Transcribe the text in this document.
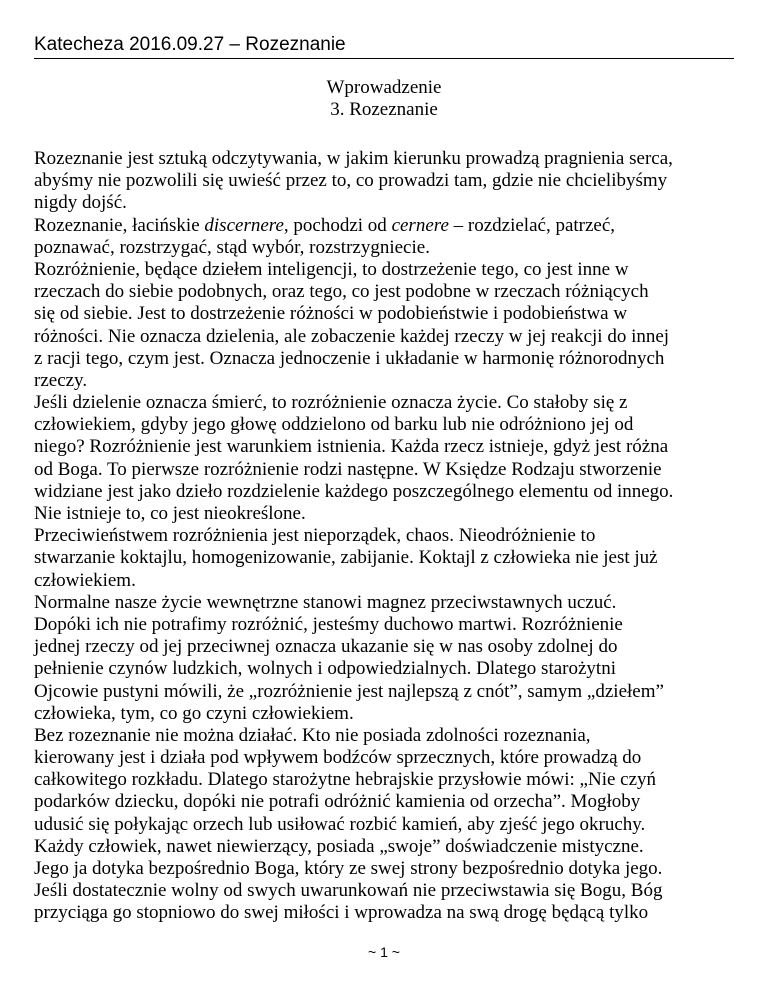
Katecheza 2016.09.27 – Rozeznanie
Wprowadzenie
3. Rozeznanie
Rozeznanie jest sztuką odczytywania, w jakim kierunku prowadzą pragnienia serca,
abyśmy nie pozwolili się uwieść przez to, co prowadzi tam, gdzie nie chcielibyśmy
nigdy dojść.
Rozeznanie, łacińskie discernere, pochodzi od cernere – rozdzielać, patrzeć,
poznawać, rozstrzygać, stąd wybór, rozstrzygniecie.
Rozróżnienie, będące dziełem inteligencji, to dostrzeżenie tego, co jest inne w
rzeczach do siebie podobnych, oraz tego, co jest podobne w rzeczach różniących
się od siebie. Jest to dostrzeżenie różności w podobieństwie i podobieństwa w
różności. Nie oznacza dzielenia, ale zobaczenie każdej rzeczy w jej reakcji do innej
z racji tego, czym jest. Oznacza jednoczenie i układanie w harmonię różnorodnych
rzeczy.
Jeśli dzielenie oznacza śmierć, to rozróżnienie oznacza życie. Co stałoby się z
człowiekiem, gdyby jego głowę oddzielono od barku lub nie odróżniono jej od
niego? Rozróżnienie jest warunkiem istnienia. Każda rzecz istnieje, gdyż jest różna
od Boga. To pierwsze rozróżnienie rodzi następne. W Księdze Rodzaju stworzenie
widziane jest jako dzieło rozdzielenie każdego poszczególnego elementu od innego.
Nie istnieje to, co jest nieokreślone.
Przeciwieństwem rozróżnienia jest nieporządek, chaos. Nieodróżnienie to
stwarzanie koktajlu, homogenizowanie, zabijanie. Koktajl z człowieka nie jest już
człowiekiem.
Normalne nasze życie wewnętrzne stanowi magnez przeciwstawnych uczuć.
Dopóki ich nie potrafimy rozróżnić, jesteśmy duchowo martwi. Rozróżnienie
jednej rzeczy od jej przeciwnej oznacza ukazanie się w nas osoby zdolnej do
pełnienie czynów ludzkich, wolnych i odpowiedzialnych. Dlatego starożytni
Ojcowie pustyni mówili, że „rozróżnienie jest najlepszą z cnót”, samym „dziełem”
człowieka, tym, co go czyni człowiekiem.
Bez rozeznanie nie można działać. Kto nie posiada zdolności rozeznania,
kierowany jest i działa pod wpływem bodźców sprzecznych, które prowadzą do
całkowitego rozkładu. Dlatego starożytne hebrajskie przysłowie mówi: „Nie czyń
podarków dziecku, dopóki nie potrafi odróżnić kamienia od orzecha”. Mogłoby
udusić się połykając orzech lub usiłować rozbić kamień, aby zjeść jego okruchy.
Każdy człowiek, nawet niewierzący, posiada „swoje” doświadczenie mistyczne.
Jego ja dotyka bezpośrednio Boga, który ze swej strony bezpośrednio dotyka jego.
Jeśli dostatecznie wolny od swych uwarunkowań nie przeciwstawia się Bogu, Bóg
przyciąga go stopniowo do swej miłości i wprowadza na swą drogę będącą tylko
~ 1 ~
